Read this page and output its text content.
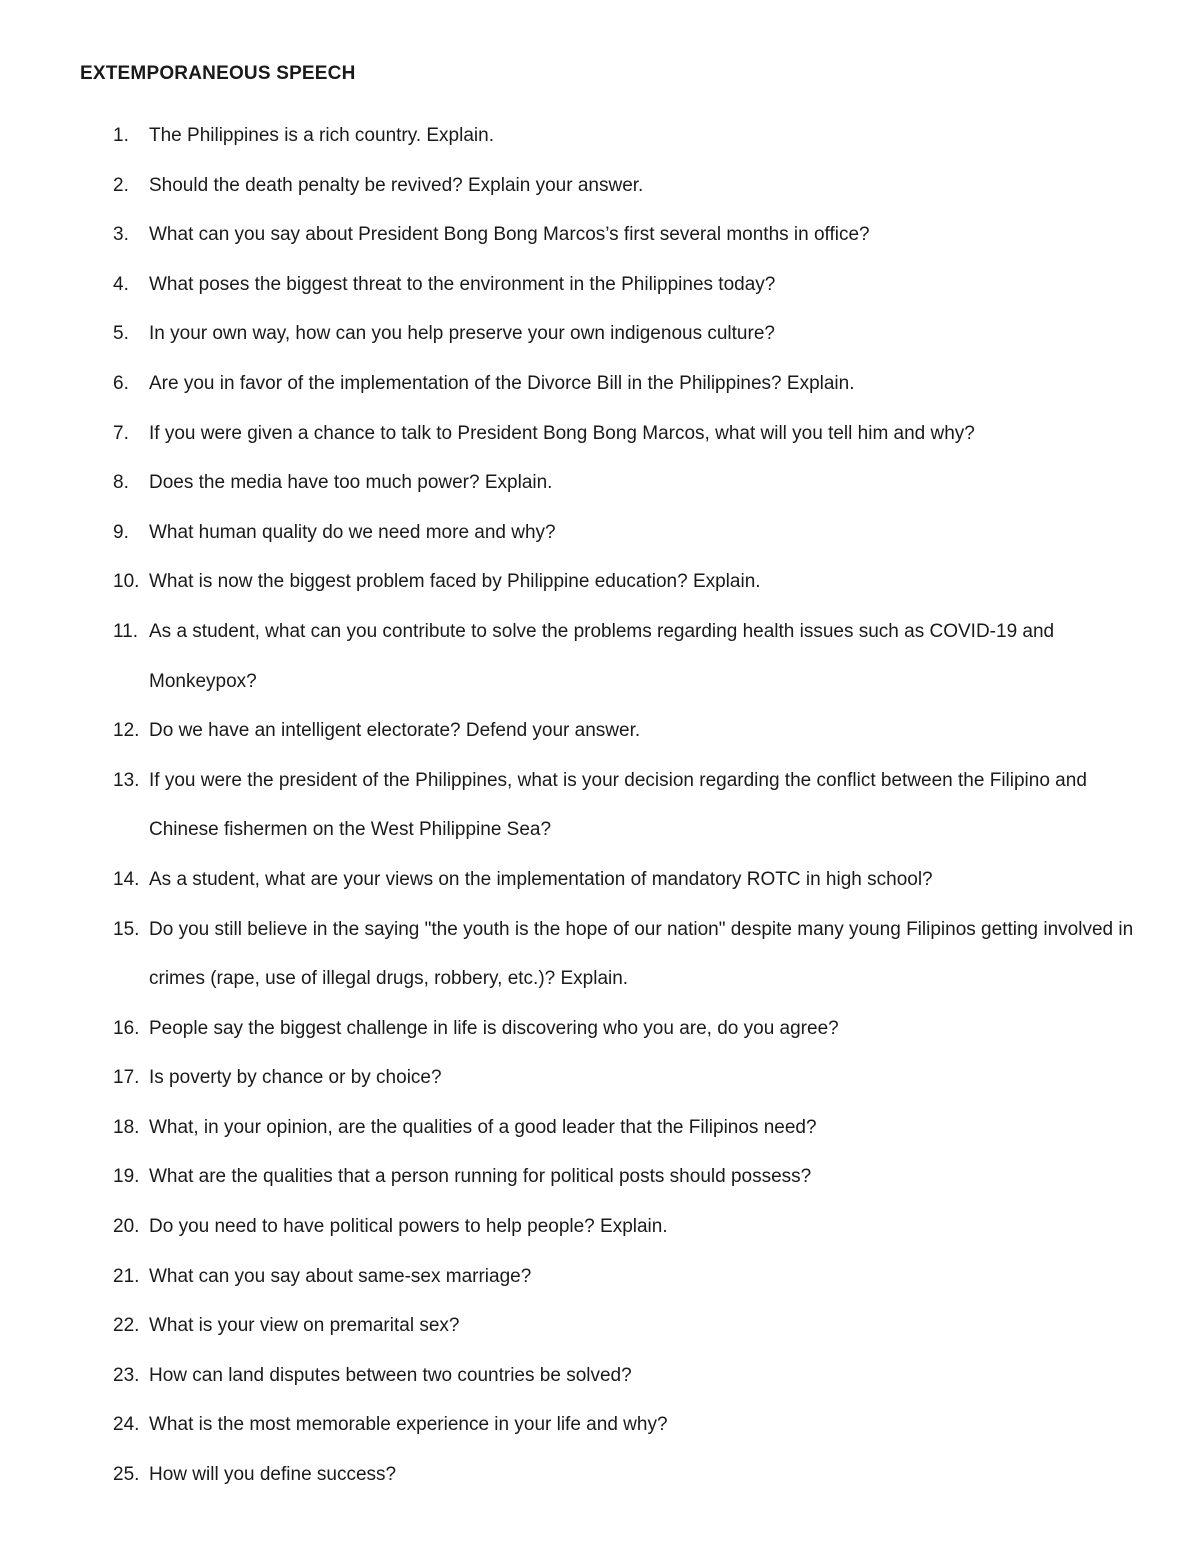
EXTEMPORANEOUS SPEECH
1. The Philippines is a rich country. Explain.
2. Should the death penalty be revived? Explain your answer.
3. What can you say about President Bong Bong Marcos’s first several months in office?
4. What poses the biggest threat to the environment in the Philippines today?
5. In your own way, how can you help preserve your own indigenous culture?
6. Are you in favor of the implementation of the Divorce Bill in the Philippines? Explain.
7. If you were given a chance to talk to President Bong Bong Marcos, what will you tell him and why?
8. Does the media have too much power? Explain.
9. What human quality do we need more and why?
10. What is now the biggest problem faced by Philippine education? Explain.
11. As a student, what can you contribute to solve the problems regarding health issues such as COVID-19 and Monkeypox?
12. Do we have an intelligent electorate? Defend your answer.
13. If you were the president of the Philippines, what is your decision regarding the conflict between the Filipino and Chinese fishermen on the West Philippine Sea?
14. As a student, what are your views on the implementation of mandatory ROTC in high school?
15. Do you still believe in the saying "the youth is the hope of our nation" despite many young Filipinos getting involved in crimes (rape, use of illegal drugs, robbery, etc.)? Explain.
16. People say the biggest challenge in life is discovering who you are, do you agree?
17. Is poverty by chance or by choice?
18. What, in your opinion, are the qualities of a good leader that the Filipinos need?
19. What are the qualities that a person running for political posts should possess?
20. Do you need to have political powers to help people? Explain.
21. What can you say about same-sex marriage?
22. What is your view on premarital sex?
23. How can land disputes between two countries be solved?
24. What is the most memorable experience in your life and why?
25. How will you define success?
